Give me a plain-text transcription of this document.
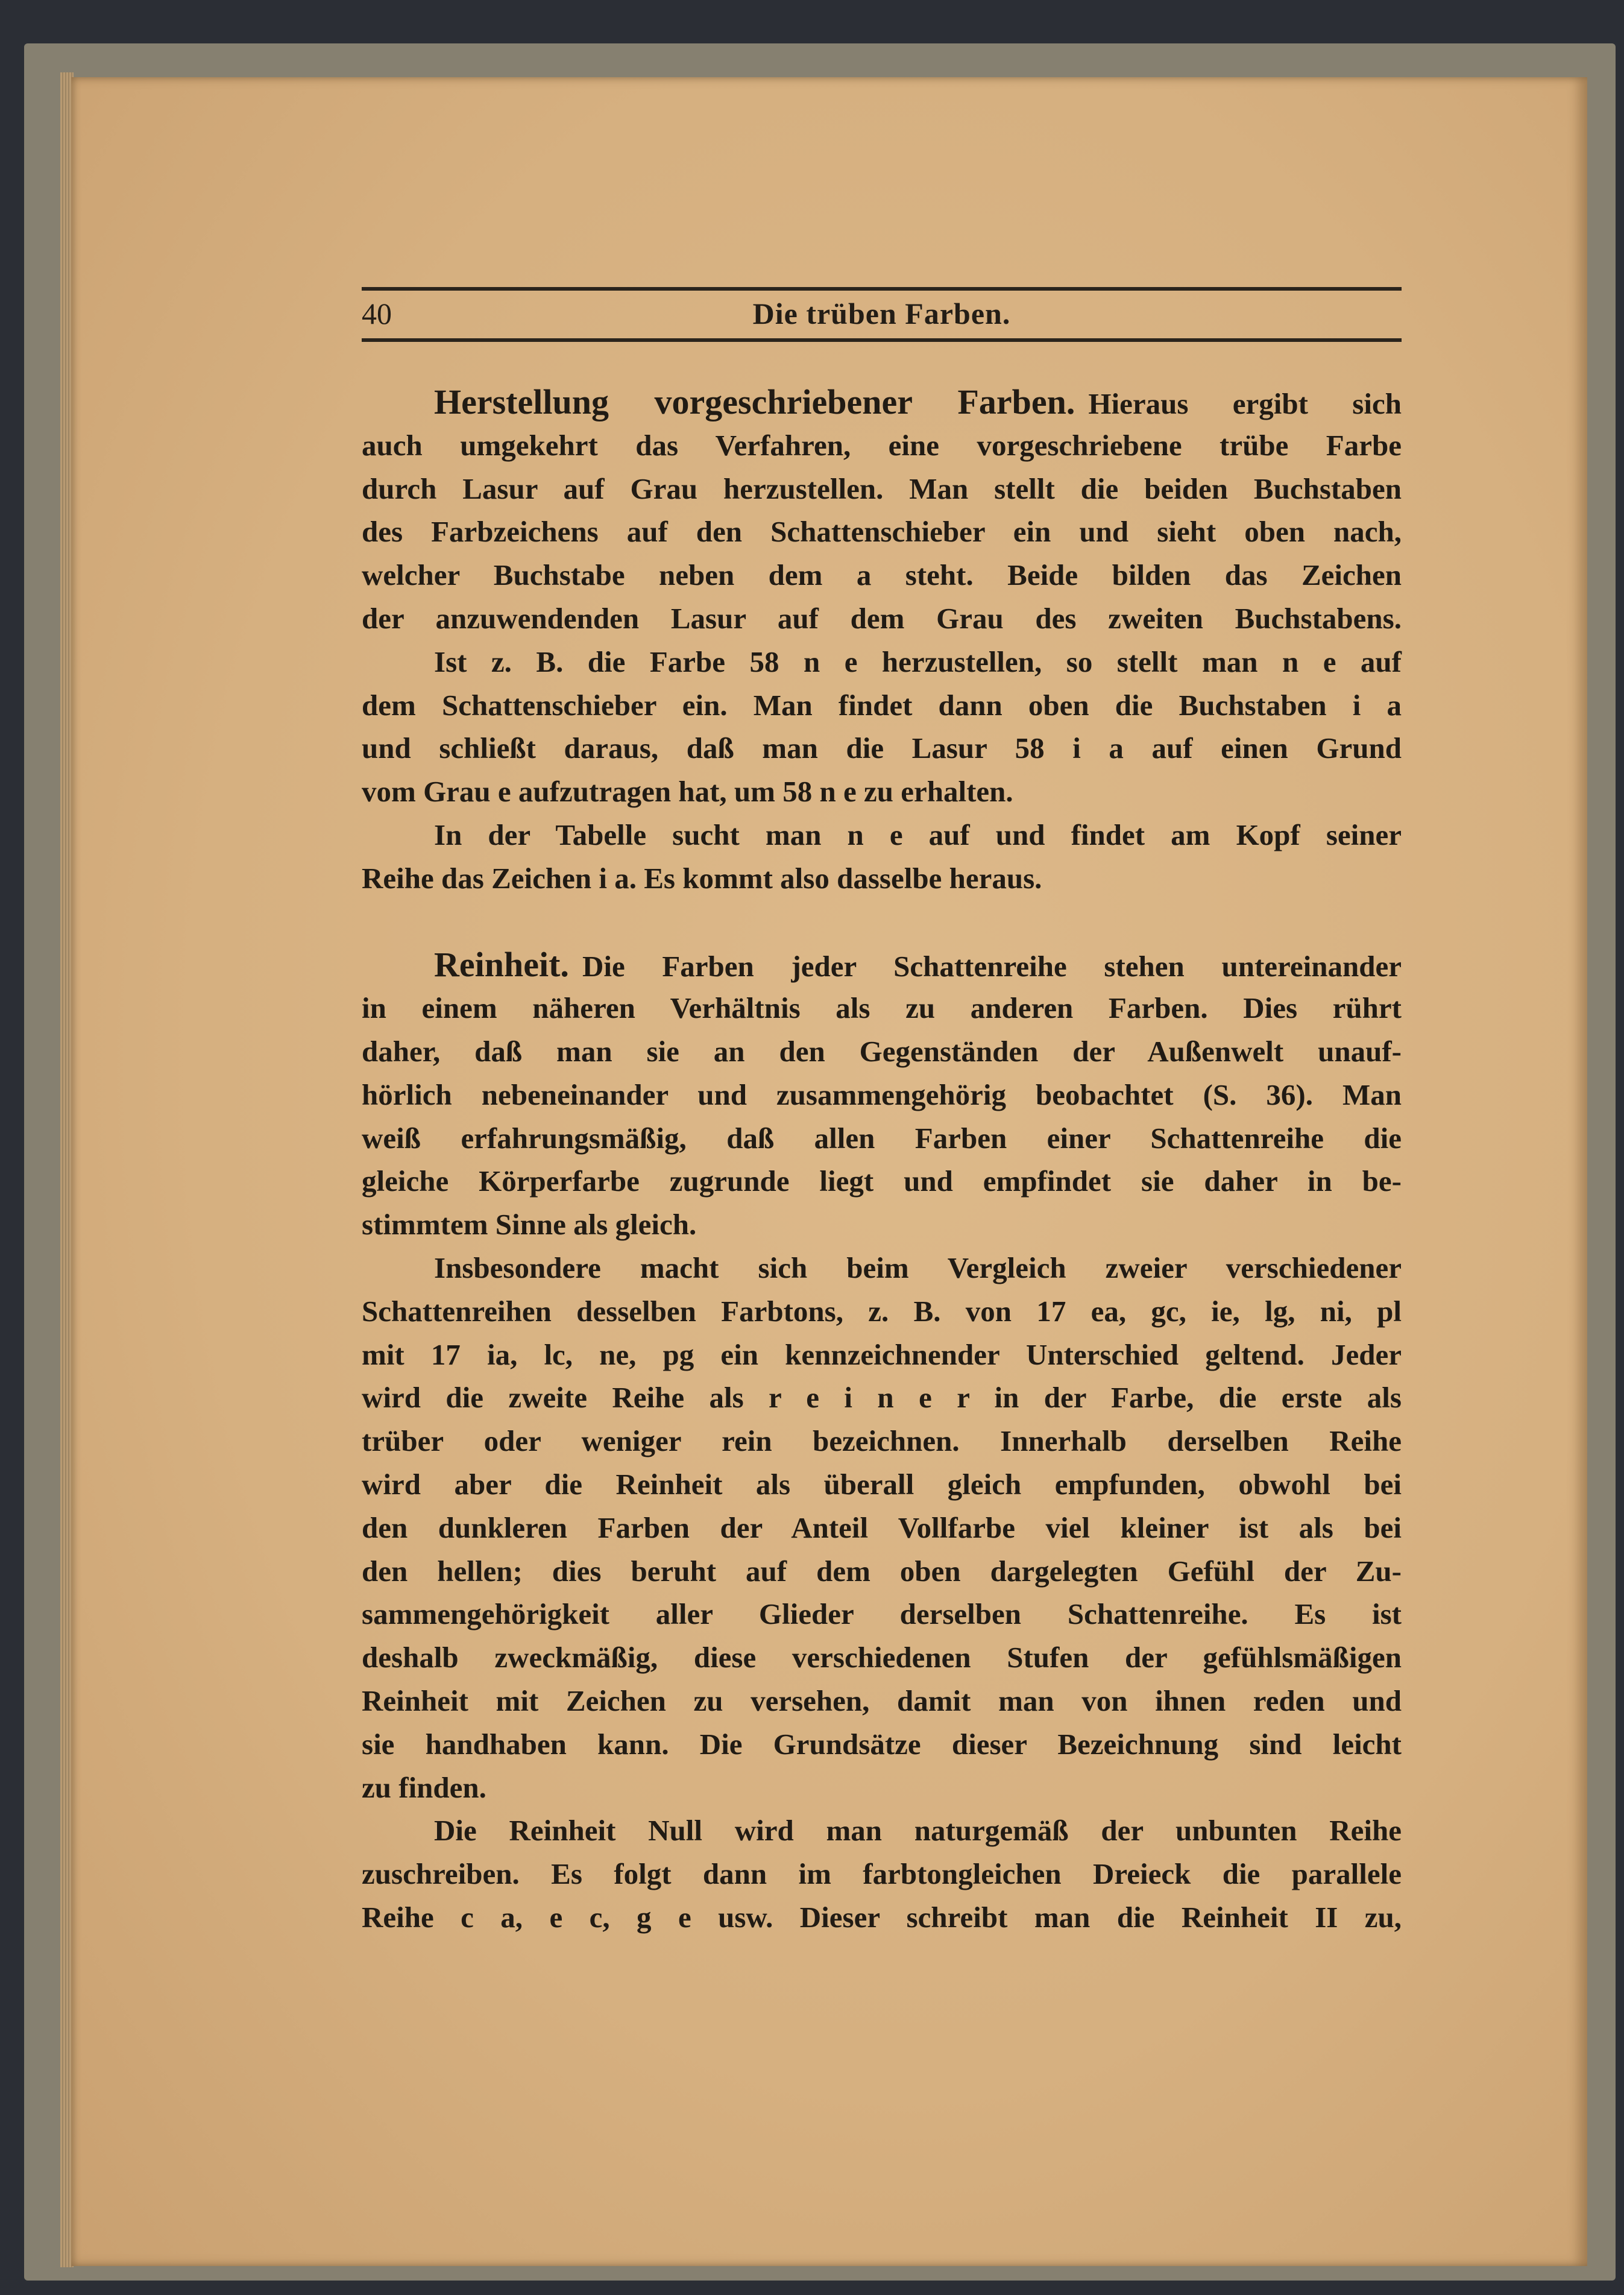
40	Die trüben Farben.
Herstellung vorgeschriebener Farben. Hieraus ergibt sich
auch umgekehrt das Verfahren, eine vorgeschriebene trübe Farbe
durch Lasur auf Grau herzustellen. Man stellt die beiden Buchstaben
des Farbzeichens auf den Schattenschieber ein und sieht oben nach,
welcher Buchstabe neben dem a steht. Beide bilden das Zeichen
der anzuwendenden Lasur auf dem Grau des zweiten Buchstabens.
Ist z. B. die Farbe 58 n e herzustellen, so stellt man n e auf
dem Schattenschieber ein. Man findet dann oben die Buchstaben i a
und schließt daraus, daß man die Lasur 58 i a auf einen Grund
vom Grau e aufzutragen hat, um 58 n e zu erhalten.
In der Tabelle sucht man n e auf und findet am Kopf seiner
Reihe das Zeichen i a. Es kommt also dasselbe heraus.
Reinheit. Die Farben jeder Schattenreihe stehen untereinander
in einem näheren Verhältnis als zu anderen Farben. Dies rührt
daher, daß man sie an den Gegenständen der Außenwelt unauf-
hörlich nebeneinander und zusammengehörig beobachtet (S. 36). Man
weiß erfahrungsmäßig, daß allen Farben einer Schattenreihe die
gleiche Körperfarbe zugrunde liegt und empfindet sie daher in be-
stimmtem Sinne als gleich.
Insbesondere macht sich beim Vergleich zweier verschiedener
Schattenreihen desselben Farbtons, z. B. von 17 ea, gc, ie, lg, ni, pl
mit 17 ia, lc, ne, pg ein kennzeichnender Unterschied geltend. Jeder
wird die zweite Reihe als r e i n e r in der Farbe, die erste als
trüber oder weniger rein bezeichnen. Innerhalb derselben Reihe
wird aber die Reinheit als überall gleich empfunden, obwohl bei
den dunkleren Farben der Anteil Vollfarbe viel kleiner ist als bei
den hellen; dies beruht auf dem oben dargelegten Gefühl der Zu-
sammengehörigkeit aller Glieder derselben Schattenreihe. Es ist
deshalb zweckmäßig, diese verschiedenen Stufen der gefühlsmäßigen
Reinheit mit Zeichen zu versehen, damit man von ihnen reden und
sie handhaben kann. Die Grundsätze dieser Bezeichnung sind leicht
zu finden.
Die Reinheit Null wird man naturgemäß der unbunten Reihe
zuschreiben. Es folgt dann im farbtongleichen Dreieck die parallele
Reihe c a, e c, g e usw. Dieser schreibt man die Reinheit II zu,
